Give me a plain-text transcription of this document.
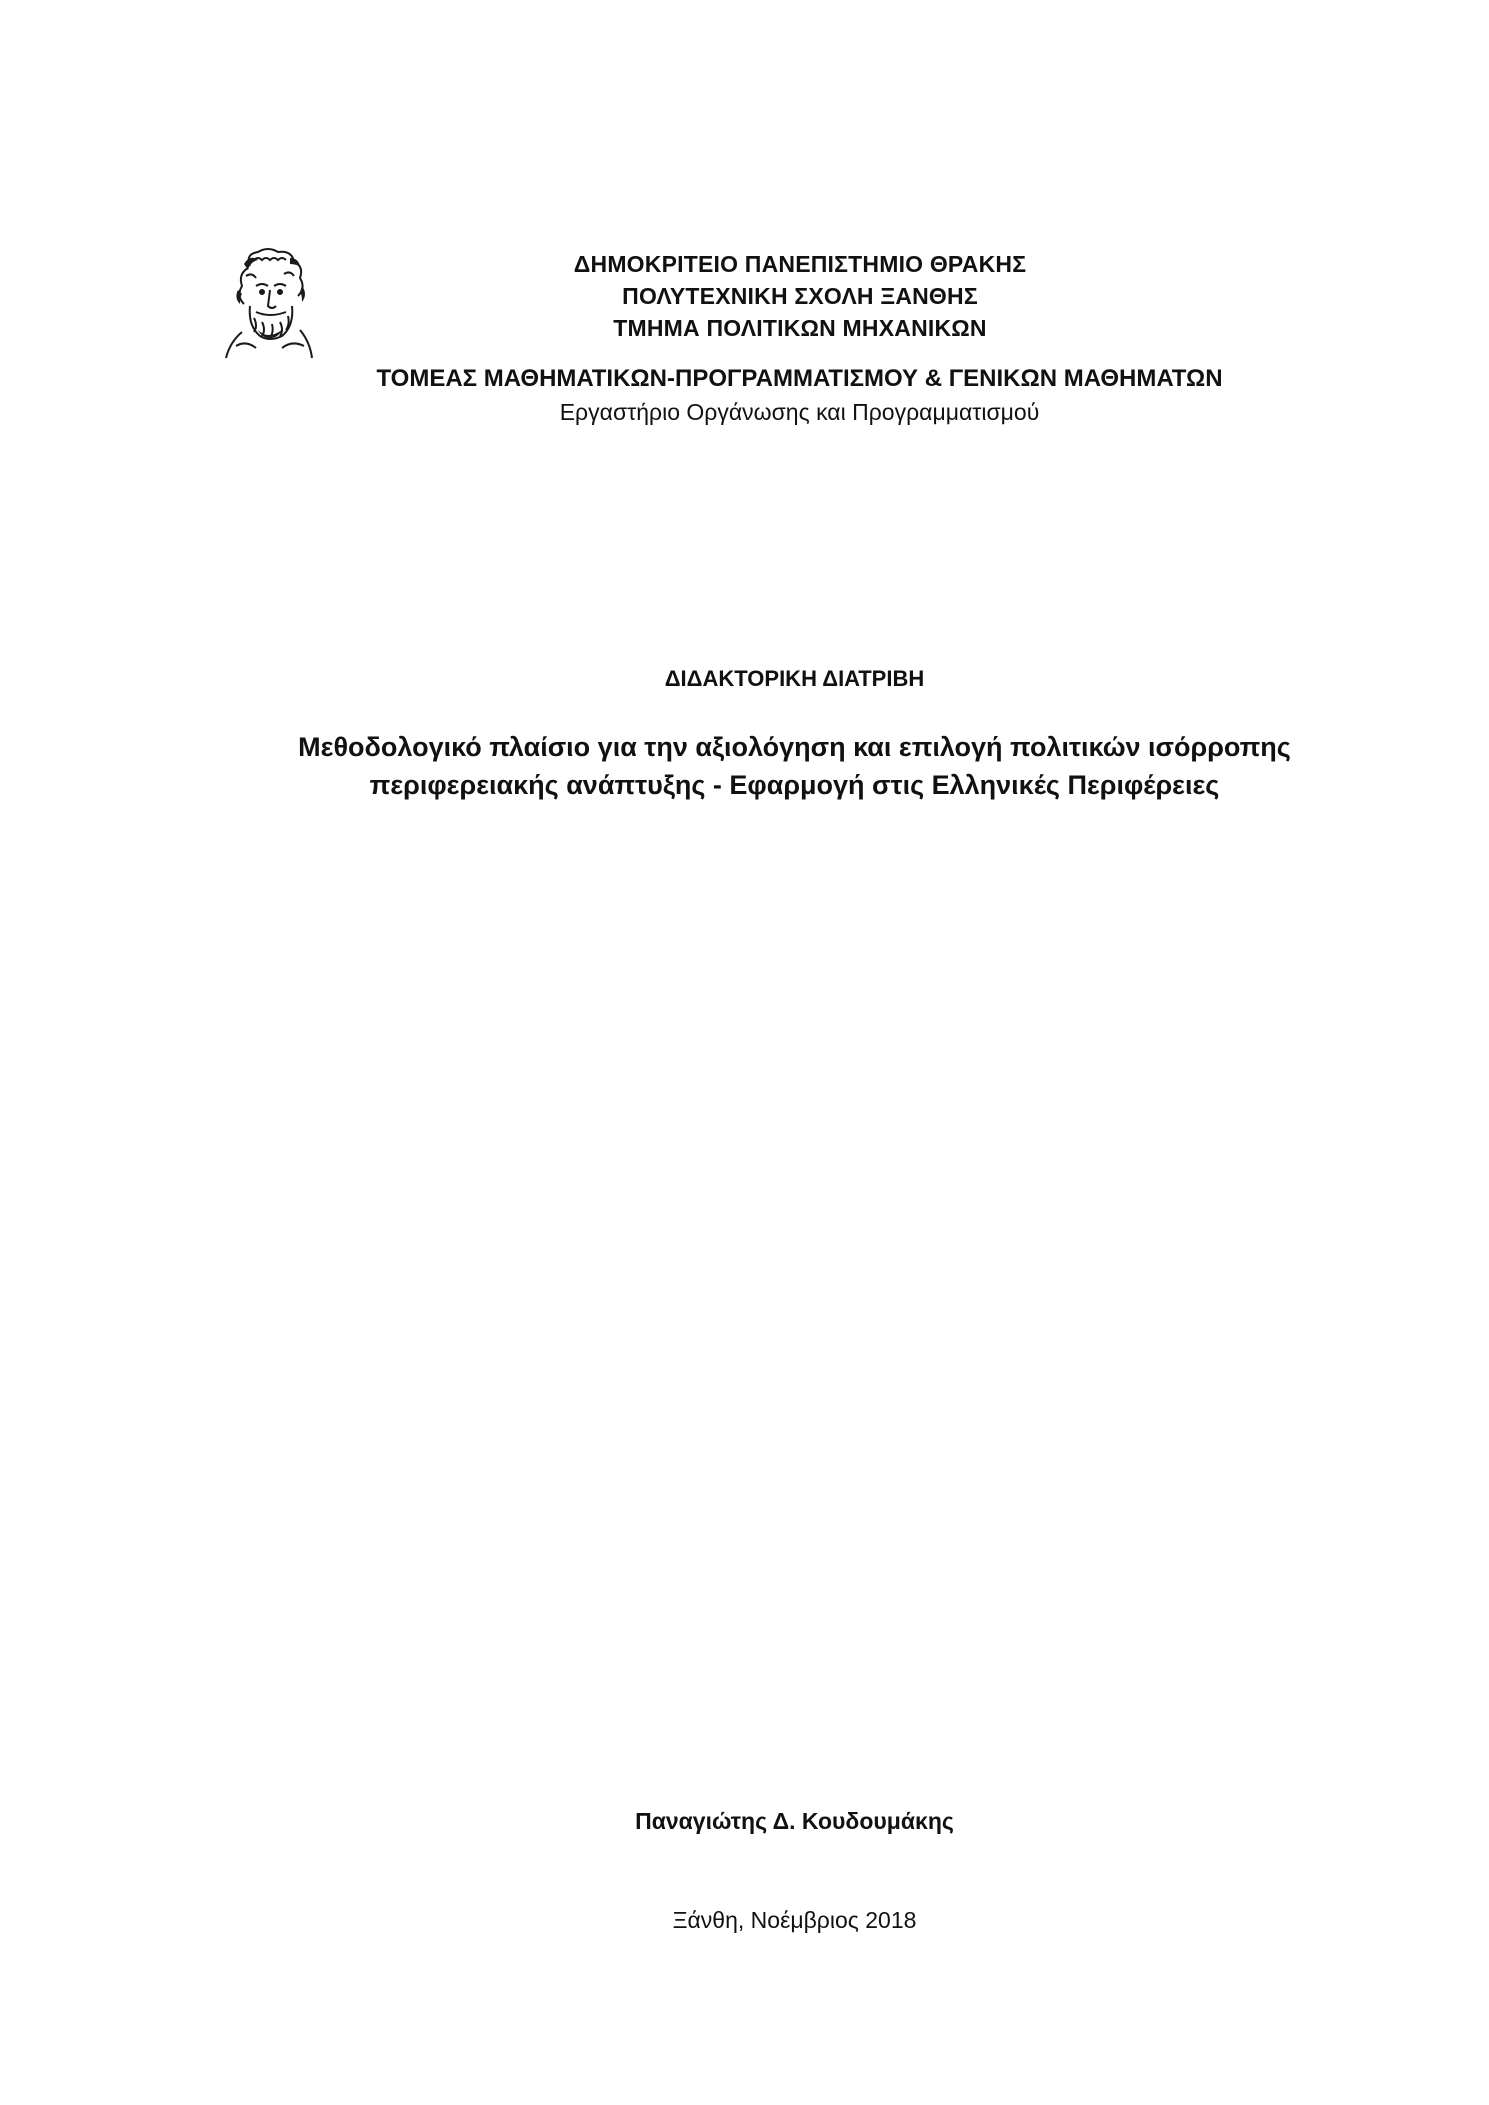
ΔΗΜΟΚΡΙΤΕΙΟ ΠΑΝΕΠΙΣΤΗΜΙΟ ΘΡΑΚΗΣ
ΠΟΛΥΤΕΧΝΙΚΗ ΣΧΟΛΗ ΞΑΝΘΗΣ
ΤΜΗΜΑ ΠΟΛΙΤΙΚΩΝ ΜΗΧΑΝΙΚΩΝ
ΤΟΜΕΑΣ ΜΑΘΗΜΑΤΙΚΩΝ-ΠΡΟΓΡΑΜΜΑΤΙΣΜΟΥ & ΓΕΝΙΚΩΝ ΜΑΘΗΜΑΤΩΝ
Εργαστήριο Οργάνωσης και Προγραμματισμού
ΔΙΔΑΚΤΟΡΙΚΗ ΔΙΑΤΡΙΒΗ
Μεθοδολογικό πλαίσιο για την αξιολόγηση και επιλογή πολιτικών ισόρροπης
περιφερειακής ανάπτυξης - Εφαρμογή στις Ελληνικές Περιφέρειες
Παναγιώτης Δ. Κουδουμάκης
Ξάνθη, Νοέμβριος 2018
